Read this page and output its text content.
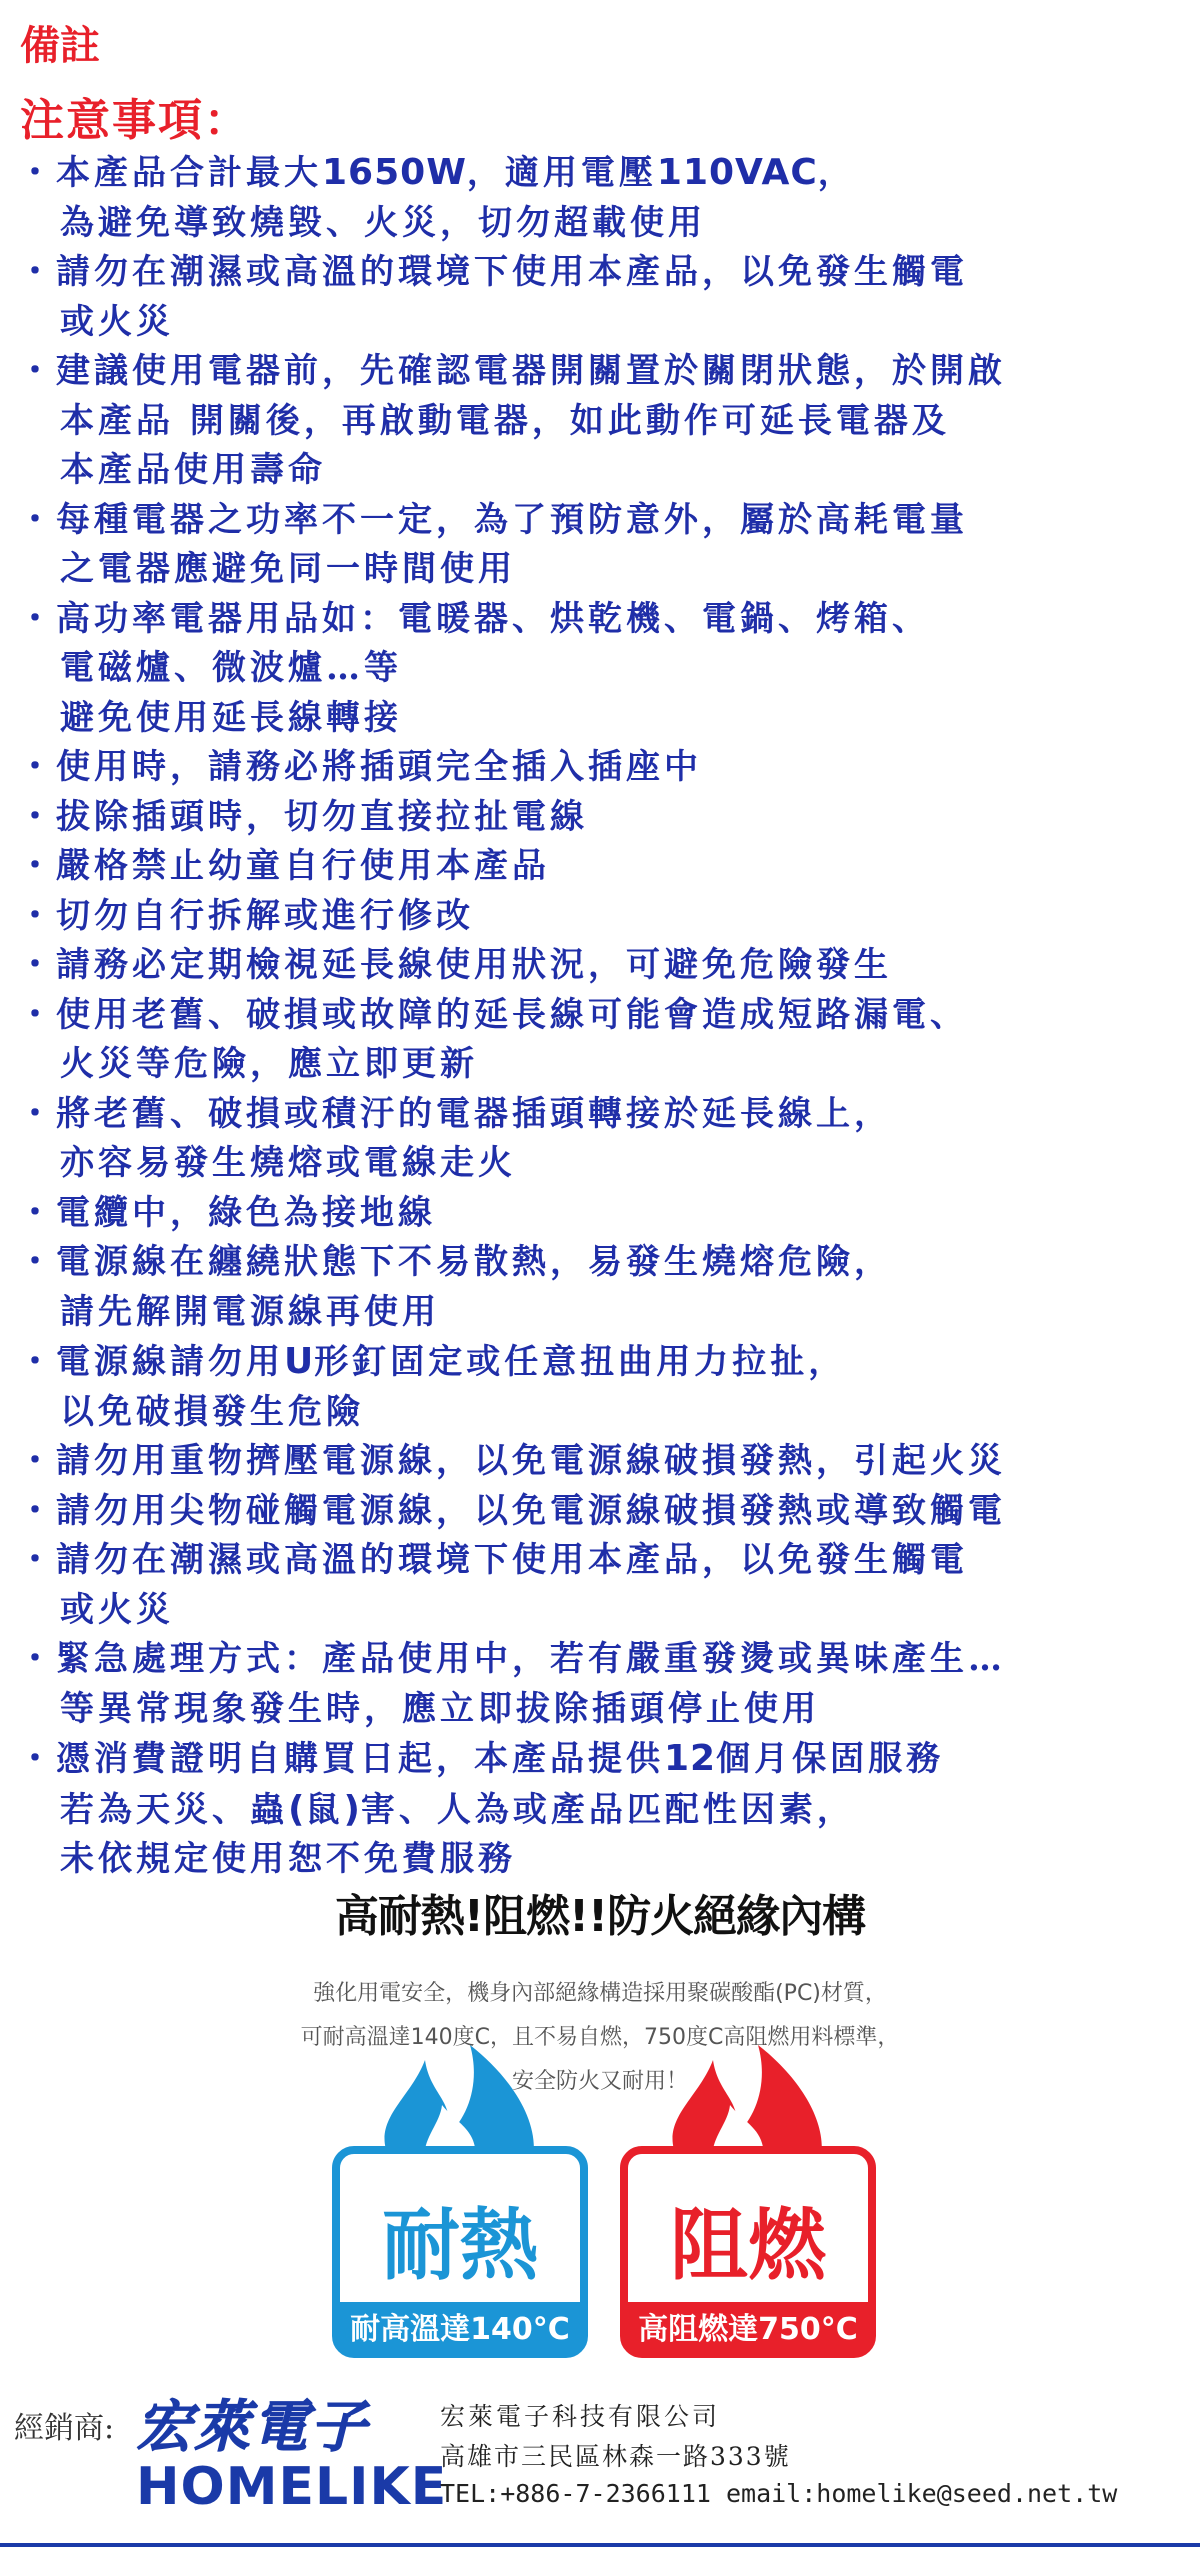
備註
注意事項：
・本產品合計最大1650W，適用電壓110VAC，
為避免導致燒毀、火災，切勿超載使用
・請勿在潮濕或高溫的環境下使用本產品，以免發生觸電
或火災
・建議使用電器前，先確認電器開關置於關閉狀態，於開啟
本產品 開關後，再啟動電器，如此動作可延長電器及
本產品使用壽命
・每種電器之功率不一定，為了預防意外，屬於高耗電量
之電器應避免同一時間使用
・高功率電器用品如：電暖器、烘乾機、電鍋、烤箱、
電磁爐、微波爐…等
避免使用延長線轉接
・使用時，請務必將插頭完全插入插座中
・拔除插頭時，切勿直接拉扯電線
・嚴格禁止幼童自行使用本產品
・切勿自行拆解或進行修改
・請務必定期檢視延長線使用狀況，可避免危險發生
・使用老舊、破損或故障的延長線可能會造成短路漏電、
火災等危險，應立即更新
・將老舊、破損或積汙的電器插頭轉接於延長線上，
亦容易發生燒熔或電線走火
・電纜中，綠色為接地線
・電源線在纏繞狀態下不易散熱，易發生燒熔危險，
請先解開電源線再使用
・電源線請勿用U形釘固定或任意扭曲用力拉扯，
以免破損發生危險
・請勿用重物擠壓電源線，以免電源線破損發熱，引起火災
・請勿用尖物碰觸電源線，以免電源線破損發熱或導致觸電
・請勿在潮濕或高溫的環境下使用本產品，以免發生觸電
或火災
・緊急處理方式：產品使用中，若有嚴重發燙或異味產生…
等異常現象發生時，應立即拔除插頭停止使用
・憑消費證明自購買日起，本產品提供12個月保固服務
若為天災、蟲(鼠)害、人為或產品匹配性因素，
未依規定使用恕不免費服務
高耐熱!阻燃!!防火絕緣內構

強化用電安全，機身內部絕緣構造採用聚碳酸酯(PC)材質，

可耐高溫達140度C，且不易自燃，750度C高阻燃用料標準，

安全防火又耐用！

耐熱
耐高溫達140°C
阻燃
高阻燃達750°C
經銷商: 宏萊電子
HOMELIKE
宏萊電子科技有限公司
高雄市三民區林森一路333號
TEL:+886-7-2366111 email:homelike@seed.net.tw
